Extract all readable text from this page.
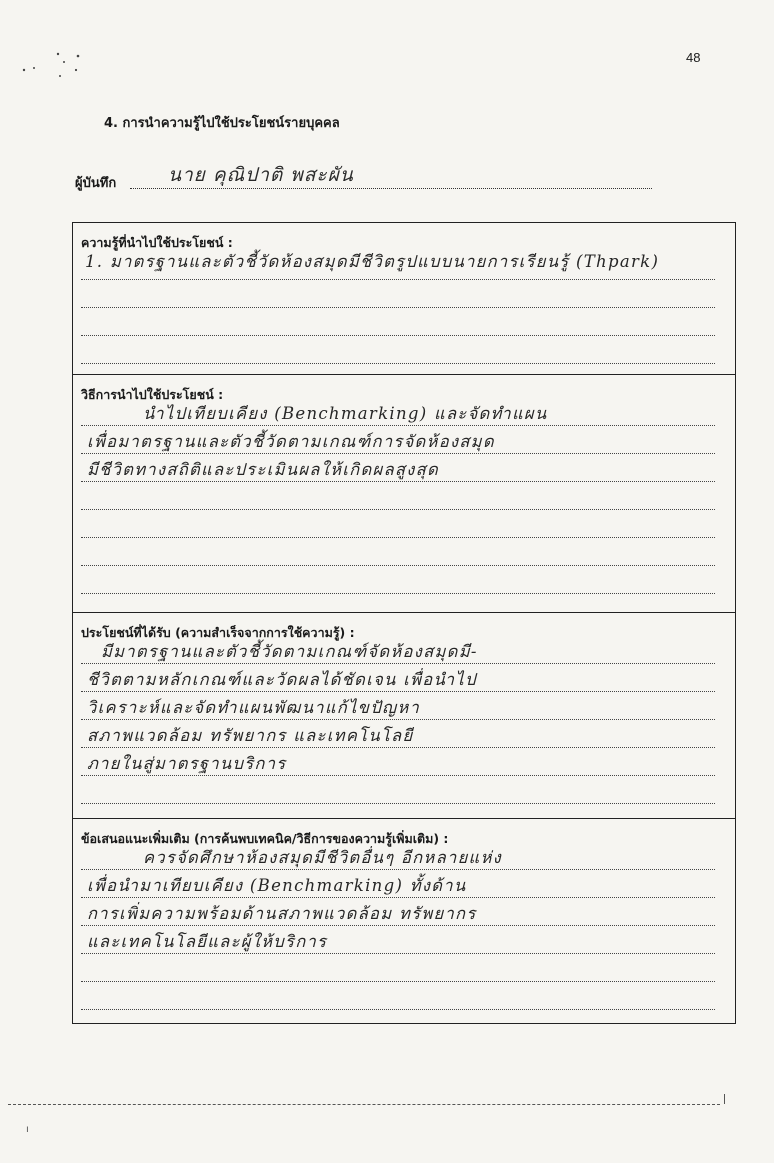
48
4. การนำความรู้ไปใช้ประโยชน์รายบุคคล
ผู้บันทึก	นาย คุณิปาติ พสะผัน
ความรู้ที่นำไปใช้ประโยชน์ :
1. มาตรฐานและตัวชี้วัดห้องสมุดมีชีวิตรูปแบบนายการเรียนรู้ (Thpark)
วิธีการนำไปใช้ประโยชน์ :
นำไปเทียบเคียง (Benchmarking) และจัดทำแผน
เพื่อมาตรฐานและตัวชี้วัดตามเกณฑ์การจัดห้องสมุด
มีชีวิตทางสถิติและประเมินผลให้เกิดผลสูงสุด
ประโยชน์ที่ได้รับ (ความสำเร็จจากการใช้ความรู้) :
มีมาตรฐานและตัวชี้วัดตามเกณฑ์จัดห้องสมุดมี-
ชีวิตตามหลักเกณฑ์และวัดผลได้ชัดเจน เพื่อนำไป
วิเคราะห์และจัดทำแผนพัฒนาแก้ไขปัญหา
สภาพแวดล้อม ทรัพยากร และเทคโนโลยี
ภายในสู่มาตรฐานบริการ
ข้อเสนอแนะเพิ่มเติม (การค้นพบเทคนิค/วิธีการของความรู้เพิ่มเติม) :
ควรจัดศึกษาห้องสมุดมีชีวิตอื่นๆ อีกหลายแห่ง
เพื่อนำมาเทียบเคียง (Benchmarking) ทั้งด้าน
การเพิ่มความพร้อมด้านสภาพแวดล้อม ทรัพยากร
และเทคโนโลยีและผู้ให้บริการ
ı
